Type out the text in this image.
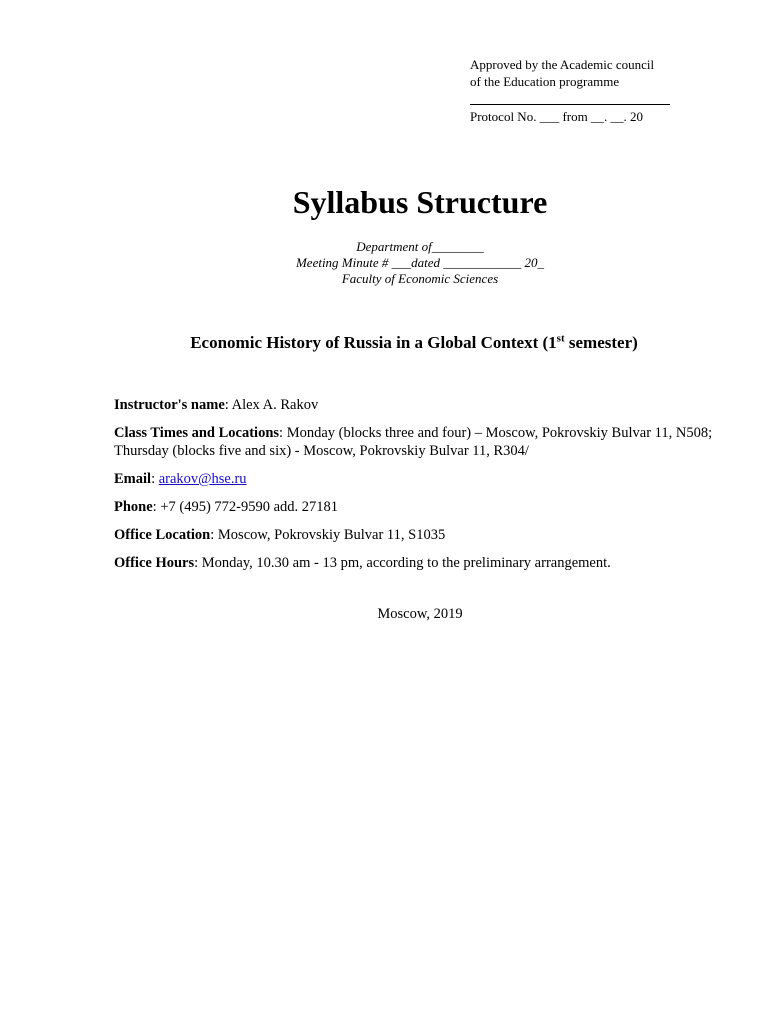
Approved by the Academic council
of the Education programme
Protocol No. ___ from __. __. 20
Syllabus Structure
Department of________
Meeting Minute # ___dated ____________ 20_
Faculty of Economic Sciences
Economic History of Russia in a Global Context (1st semester)

Instructor's name: Alex A. Rakov

Class Times and Locations: Monday (blocks three and four) – Moscow, Pokrovskiy Bulvar 11, N508; Thursday (blocks five and six) - Moscow, Pokrovskiy Bulvar 11, R304/

Email: arakov@hse.ru

Phone: +7 (495) 772-9590 add. 27181

Office Location: Moscow, Pokrovskiy Bulvar 11, S1035

Office Hours: Monday, 10.30 am - 13 pm, according to the preliminary arrangement.

Moscow, 2019
